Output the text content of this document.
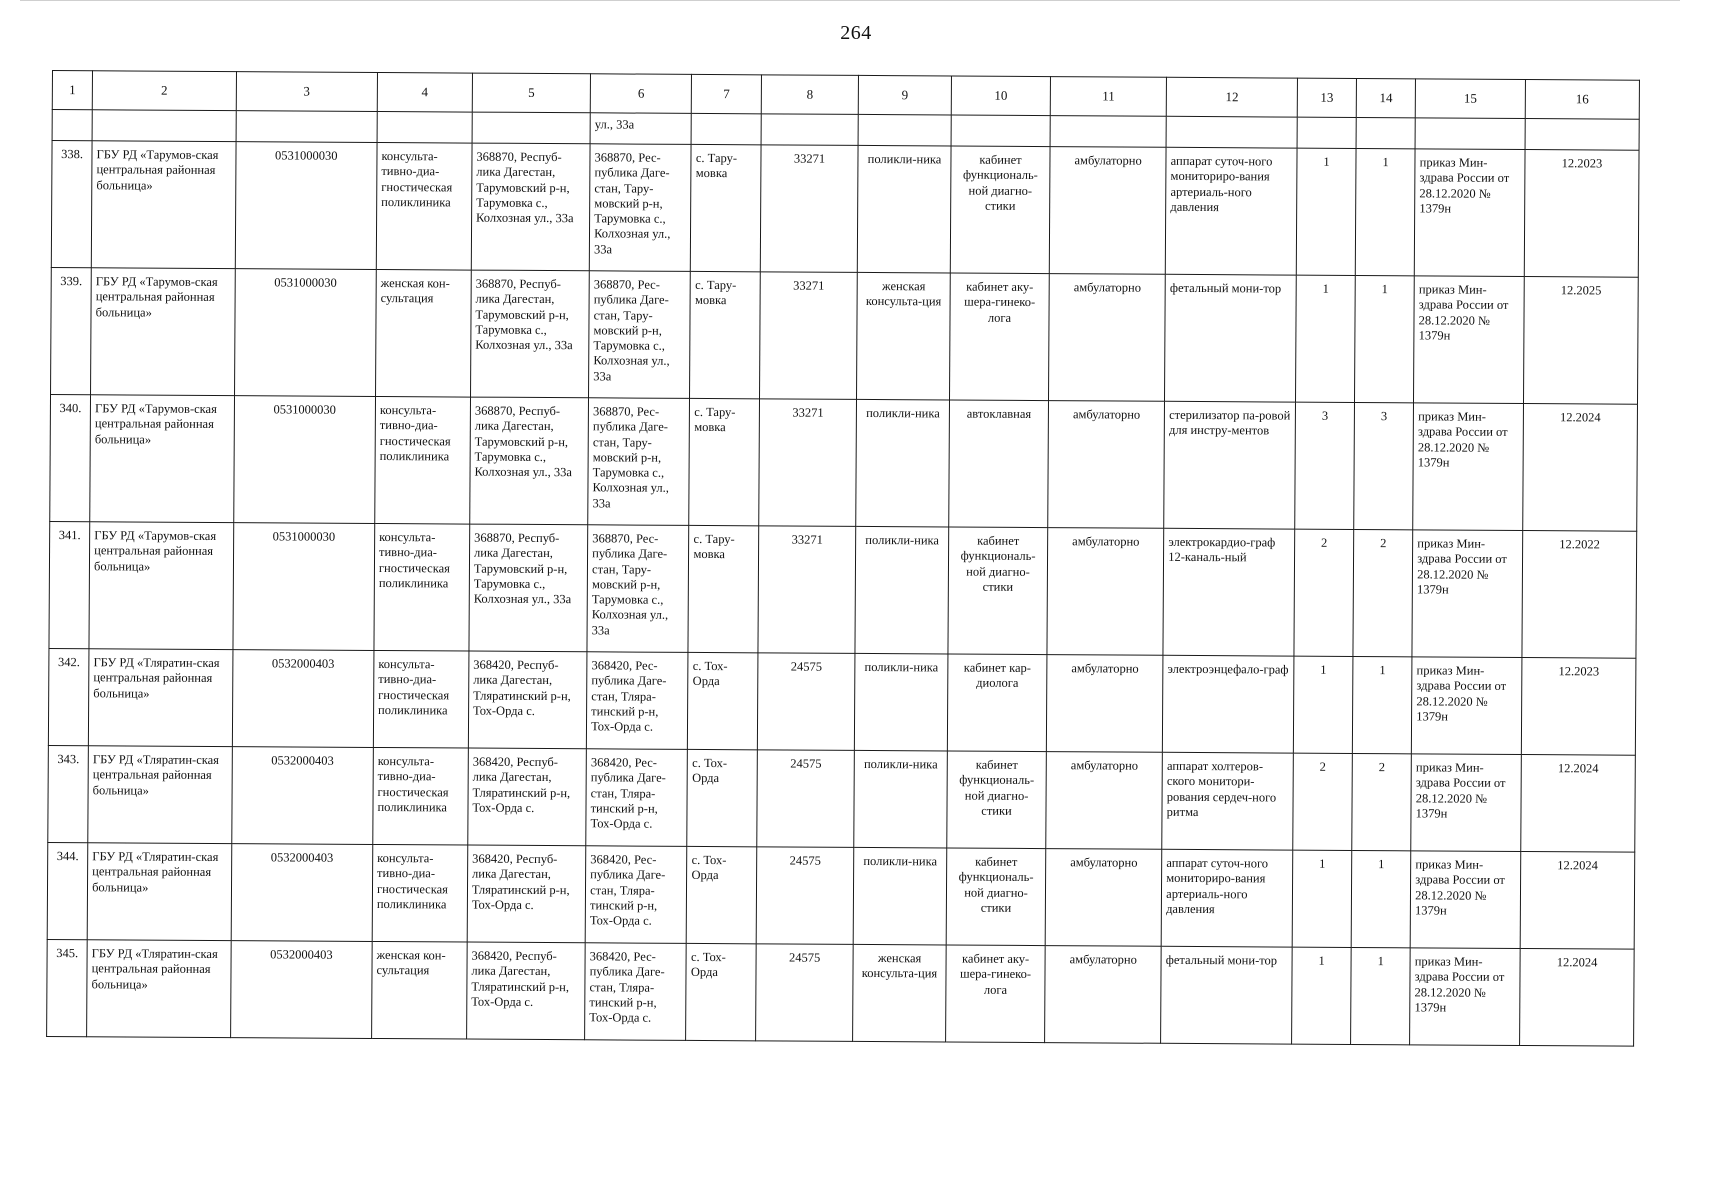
264
1	2	3	4	5	6	7	8	9	10	11	12	13	14	15	16
					ул., 33а										
338.	ГБУ РД «Тарумов-ская центральная районная больница»	0531000030	консульта-тивно-диа-гностическая поликлиника	368870, Респуб-лика Дагестан, Тарумовский р-н, Тарумовка с., Колхозная ул., 33а	368870, Рес-публика Даге-стан, Тару-мовский р-н, Тарумовка с., Колхозная ул., 33а	с. Тару-мовка	33271	поликли-ника	кабинет функциональ-ной диагно-стики	амбулаторно	аппарат суточ-ного мониториро-вания артериаль-ного давления	1	1	приказ Мин-здрава России от 28.12.2020 № 1379н	12.2023
339.	ГБУ РД «Тарумов-ская центральная районная больница»	0531000030	женская кон-сультация	368870, Респуб-лика Дагестан, Тарумовский р-н, Тарумовка с., Колхозная ул., 33а	368870, Рес-публика Даге-стан, Тару-мовский р-н, Тарумовка с., Колхозная ул., 33а	с. Тару-мовка	33271	женская консульта-ция	кабинет аку-шера-гинеко-лога	амбулаторно	фетальный мони-тор	1	1	приказ Мин-здрава России от 28.12.2020 № 1379н	12.2025
340.	ГБУ РД «Тарумов-ская центральная районная больница»	0531000030	консульта-тивно-диа-гностическая поликлиника	368870, Респуб-лика Дагестан, Тарумовский р-н, Тарумовка с., Колхозная ул., 33а	368870, Рес-публика Даге-стан, Тару-мовский р-н, Тарумовка с., Колхозная ул., 33а	с. Тару-мовка	33271	поликли-ника	автоклавная	амбулаторно	стерилизатор па-ровой для инстру-ментов	3	3	приказ Мин-здрава России от 28.12.2020 № 1379н	12.2024
341.	ГБУ РД «Тарумов-ская центральная районная больница»	0531000030	консульта-тивно-диа-гностическая поликлиника	368870, Респуб-лика Дагестан, Тарумовский р-н, Тарумовка с., Колхозная ул., 33а	368870, Рес-публика Даге-стан, Тару-мовский р-н, Тарумовка с., Колхозная ул., 33а	с. Тару-мовка	33271	поликли-ника	кабинет функциональ-ной диагно-стики	амбулаторно	электрокардио-граф 12-каналь-ный	2	2	приказ Мин-здрава России от 28.12.2020 № 1379н	12.2022
342.	ГБУ РД «Тляратин-ская центральная районная больница»	0532000403	консульта-тивно-диа-гностическая поликлиника	368420, Респуб-лика Дагестан, Тляратинский р-н, Тох-Орда с.	368420, Рес-публика Даге-стан, Тляра-тинский р-н, Тох-Орда с.	с. Тох-Орда	24575	поликли-ника	кабинет кар-диолога	амбулаторно	электроэнцефало-граф	1	1	приказ Мин-здрава России от 28.12.2020 № 1379н	12.2023
343.	ГБУ РД «Тляратин-ская центральная районная больница»	0532000403	консульта-тивно-диа-гностическая поликлиника	368420, Респуб-лика Дагестан, Тляратинский р-н, Тох-Орда с.	368420, Рес-публика Даге-стан, Тляра-тинский р-н, Тох-Орда с.	с. Тох-Орда	24575	поликли-ника	кабинет функциональ-ной диагно-стики	амбулаторно	аппарат холтеров-ского монитори-рования сердеч-ного ритма	2	2	приказ Мин-здрава России от 28.12.2020 № 1379н	12.2024
344.	ГБУ РД «Тляратин-ская центральная районная больница»	0532000403	консульта-тивно-диа-гностическая поликлиника	368420, Респуб-лика Дагестан, Тляратинский р-н, Тох-Орда с.	368420, Рес-публика Даге-стан, Тляра-тинский р-н, Тох-Орда с.	с. Тох-Орда	24575	поликли-ника	кабинет функциональ-ной диагно-стики	амбулаторно	аппарат суточ-ного мониториро-вания артериаль-ного давления	1	1	приказ Мин-здрава России от 28.12.2020 № 1379н	12.2024
345.	ГБУ РД «Тляратин-ская центральная районная больница»	0532000403	женская кон-сультация	368420, Респуб-лика Дагестан, Тляратинский р-н, Тох-Орда с.	368420, Рес-публика Даге-стан, Тляра-тинский р-н, Тох-Орда с.	с. Тох-Орда	24575	женская консульта-ция	кабинет аку-шера-гинеко-лога	амбулаторно	фетальный мони-тор	1	1	приказ Мин-здрава России от 28.12.2020 № 1379н	12.2024
